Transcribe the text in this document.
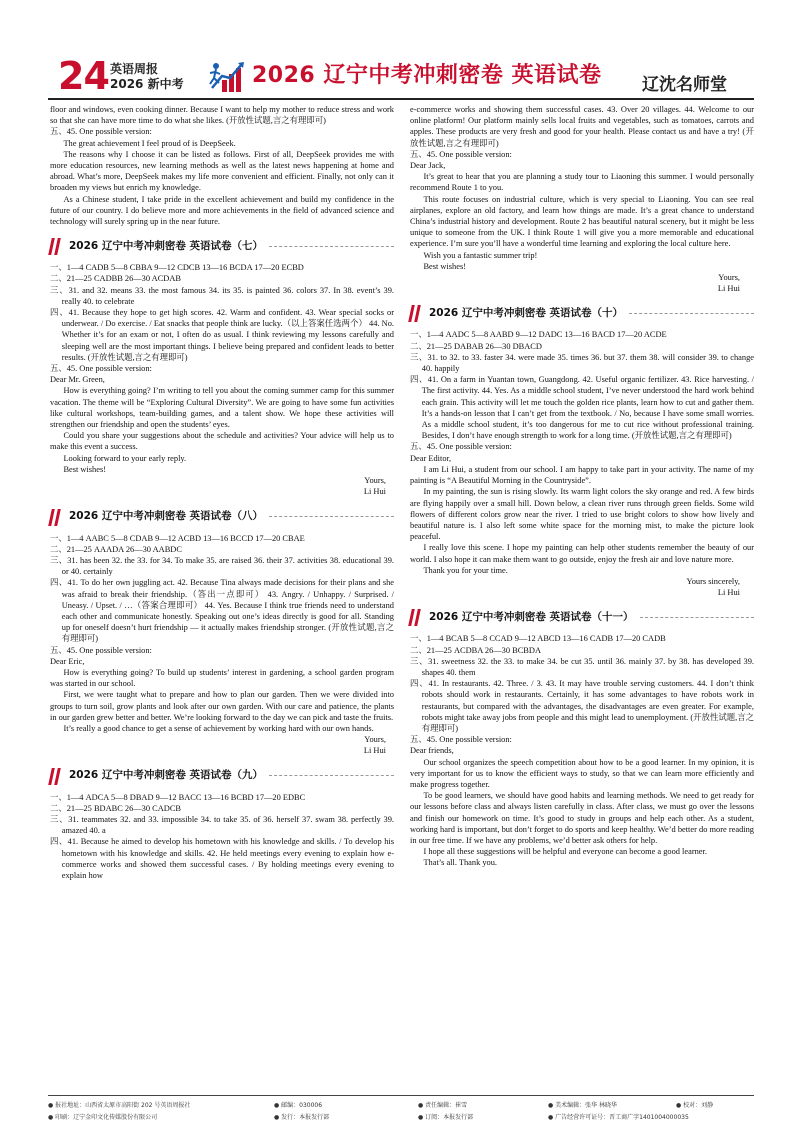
24 英语周报
2026 新中考	2026 辽宁中考冲刺密卷 英语试卷 辽沈名师堂

floor and windows, even cooking dinner. Because I want to help my mother to reduce stress and work so that she can have more time to do what she likes. (开放性试题,言之有理即可)

五、45. One possible version:

The great achievement I feel proud of is DeepSeek.

The reasons why I choose it can be listed as follows. First of all, DeepSeek provides me with more education resources, new learning methods as well as the latest news happening at home and abroad. What’s more, DeepSeek makes my life more convenient and efficient. Finally, not only can it broaden my views but enrich my knowledge.

As a Chinese student, I take pride in the excellent achievement and build my confidence in the future of our country. I do believe more and more achievements in the field of advanced science and technology will surely spring up in the near future.

2026 辽宁中考冲刺密卷 英语试卷（七）

一、1—4 CADB 5—8 CBBA 9—12 CDCB 13—16 BCDA 17—20 ECBD

二、21—25 CADBB 26—30 ACDAB

三、31. and 32. means 33. the most famous 34. its 35. is painted 36. colors 37. In 38. event’s 39. really 40. to celebrate

四、41. Because they hope to get high scores. 42. Warm and confident. 43. Wear special socks or underwear. / Do exercise. / Eat snacks that people think are lucky.（以上答案任选两个） 44. No. Whether it’s for an exam or not, I often do as usual. I think reviewing my lessons carefully and sleeping well are the most important things. I believe being prepared and confident leads to better results. (开放性试题,言之有理即可)

五、45. One possible version:

Dear Mr. Green,

How is everything going? I’m writing to tell you about the coming summer camp for this summer vacation. The theme will be “Exploring Cultural Diversity”. We are going to have some fun activities like cultural workshops, team-building games, and a talent show. We hope these activities will strengthen our friendship and open the students’ eyes.

Could you share your suggestions about the schedule and activities? Your advice will help us to make this event a success.

Looking forward to your early reply.

Best wishes!

Yours,

Li Hui

2026 辽宁中考冲刺密卷 英语试卷（八）

一、1—4 AABC 5—8 CDAB 9—12 ACBD 13—16 BCCD 17—20 CBAE

二、21—25 AAADA 26—30 AABDC

三、31. has been 32. the 33. for 34. To make 35. are raised 36. their 37. activities 38. educational 39. or 40. certainly

四、41. To do her own juggling act. 42. Because Tina always made decisions for their plans and she was afraid to break their friendship.（答出一点即可） 43. Angry. / Unhappy. / Surprised. / Uneasy. / Upset. / …（答案合理即可） 44. Yes. Because I think true friends need to understand each other and communicate honestly. Speaking out one’s ideas directly is good for all. Standing up for oneself doesn’t hurt friendship — it actually makes friendship stronger. (开放性试题,言之有理即可)

五、45. One possible version:

Dear Eric,

How is everything going? To build up students’ interest in gardening, a school garden program was started in our school.

First, we were taught what to prepare and how to plan our garden. Then we were divided into groups to turn soil, grow plants and look after our own garden. With our care and patience, the plants in our garden grew better and better. We’re looking forward to the day we can pick and taste the fruits.

It’s really a good chance to get a sense of achievement by working hard with our own hands.

Yours,

Li Hui

2026 辽宁中考冲刺密卷 英语试卷（九）

一、1—4 ADCA 5—8 DBAD 9—12 BACC 13—16 BCBD 17—20 EDBC

二、21—25 BDABC 26—30 CADCB

三、31. teammates 32. and 33. impossible 34. to take 35. of 36. herself 37. swam 38. perfectly 39. amazed 40. a

四、41. Because he aimed to develop his hometown with his knowledge and skills. / To develop his hometown with his knowledge and skills. 42. He held meetings every evening to explain how e-commerce works and showed them successful cases. / By holding meetings every evening to explain how

e-commerce works and showing them successful cases. 43. Over 20 villages. 44. Welcome to our online platform! Our platform mainly sells local fruits and vegetables, such as tomatoes, carrots and apples. These products are very fresh and good for your health. Please contact us and have a try! (开放性试题,言之有理即可)

五、45. One possible version:

Dear Jack,

It’s great to hear that you are planning a study tour to Liaoning this summer. I would personally recommend Route 1 to you.

This route focuses on industrial culture, which is very special to Liaoning. You can see real airplanes, explore an old factory, and learn how things are made. It’s a great chance to understand China’s industrial history and development. Route 2 has beautiful natural scenery, but it might be less unique to someone from the UK. I think Route 1 will give you a more memorable and educational experience. I’m sure you’ll have a wonderful time learning and exploring the local culture here.

Wish you a fantastic summer trip!

Best wishes!

Yours,

Li Hui

2026 辽宁中考冲刺密卷 英语试卷（十）

一、1—4 AADC 5—8 AABD 9—12 DADC 13—16 BACD 17—20 ACDE

二、21—25 DABAB 26—30 DBACD

三、31. to 32. to 33. faster 34. were made 35. times 36. but 37. them 38. will consider 39. to change 40. happily

四、41. On a farm in Yuantan town, Guangdong. 42. Useful organic fertilizer. 43. Rice harvesting. / The first activity. 44. Yes. As a middle school student, I’ve never understood the hard work behind each grain. This activity will let me touch the golden rice plants, learn how to cut and gather them. It’s a hands-on lesson that I can’t get from the textbook. / No, because I have some small worries. As a middle school student, it’s too dangerous for me to cut rice without professional training. Besides, I don’t have enough strength to work for a long time. (开放性试题,言之有理即可)

五、45. One possible version:

Dear Editor,

I am Li Hui, a student from our school. I am happy to take part in your activity. The name of my painting is “A Beautiful Morning in the Countryside”.

In my painting, the sun is rising slowly. Its warm light colors the sky orange and red. A few birds are flying happily over a small hill. Down below, a clean river runs through green fields. Some wild flowers of different colors grow near the river. I tried to use bright colors to show how lively and beautiful nature is. I also left some white space for the morning mist, to make the picture look peaceful.

I really love this scene. I hope my painting can help other students remember the beauty of our world. I also hope it can make them want to go outside, enjoy the fresh air and love nature more.

Thank you for your time.

Yours sincerely,

Li Hui

2026 辽宁中考冲刺密卷 英语试卷（十一）

一、1—4 BCAB 5—8 CCAD 9—12 ABCD 13—16 CADB 17—20 CADB

二、21—25 ACDBA 26—30 BCBDA

三、31. sweetness 32. the 33. to make 34. be cut 35. until 36. mainly 37. by 38. has developed 39. shapes 40. them

四、41. In restaurants. 42. Three. / 3. 43. It may have trouble serving customers. 44. I don’t think robots should work in restaurants. Certainly, it has some advantages to have robots work in restaurants, but compared with the advantages, the disadvantages are even greater. For example, robots might take away jobs from people and this might lead to unemployment. (开放性试题,言之有理即可)

五、45. One possible version:

Dear friends,

Our school organizes the speech competition about how to be a good learner. In my opinion, it is very important for us to know the efficient ways to study, so that we can learn more efficiently and make progress together.

To be good learners, we should have good habits and learning methods. We need to get ready for our lessons before class and always listen carefully in class. After class, we must go over the lessons and finish our homework on time. It’s good to study in groups and help each other. As a student, working hard is important, but don’t forget to do sports and keep healthy. We’d better do more reading in our free time. If we have any problems, we’d better ask others for help.

I hope all these suggestions will be helpful and everyone can become a good learner.

That’s all. Thank you.

● 报社地址：山西省太原市高阳街 202 号英语周报社	● 邮编：030006	● 责任编辑：崔雪	● 美术编辑：张华 林晓华	● 校对：刘静
● 印刷：辽宁金印文化传媒股份有限公司	● 发行：本报发行部	● 订阅：本报发行部	● 广告经营许可证号：晋工商广字1401004000035
